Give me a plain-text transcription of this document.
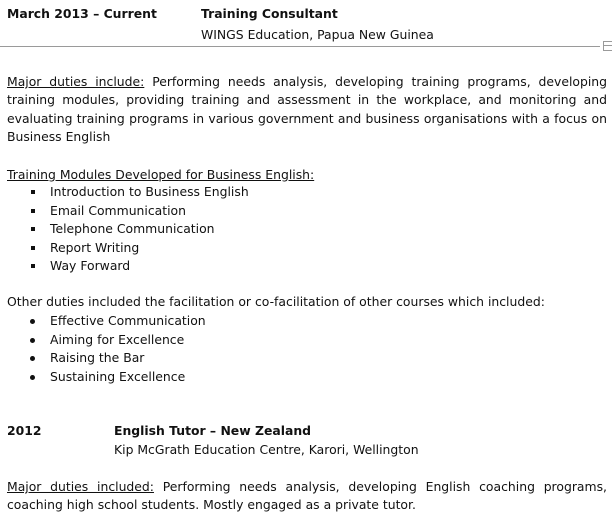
March 2013 – Current	Training Consultant
WINGS Education, Papua New Guinea
Major duties include: Performing needs analysis, developing training programs, developing
training modules, providing training and assessment in the workplace, and monitoring and
evaluating training programs in various government and business organisations with a focus on
Business English
Training Modules Developed for Business English:
Introduction to Business English
Email Communication
Telephone Communication
Report Writing
Way Forward
Other duties included the facilitation or co-facilitation of other courses which included:
Effective Communication
Aiming for Excellence
Raising the Bar
Sustaining Excellence
2012	English Tutor – New Zealand
Kip McGrath Education Centre, Karori, Wellington
Major duties included: Performing needs analysis, developing English coaching programs,
coaching high school students. Mostly engaged as a private tutor.
